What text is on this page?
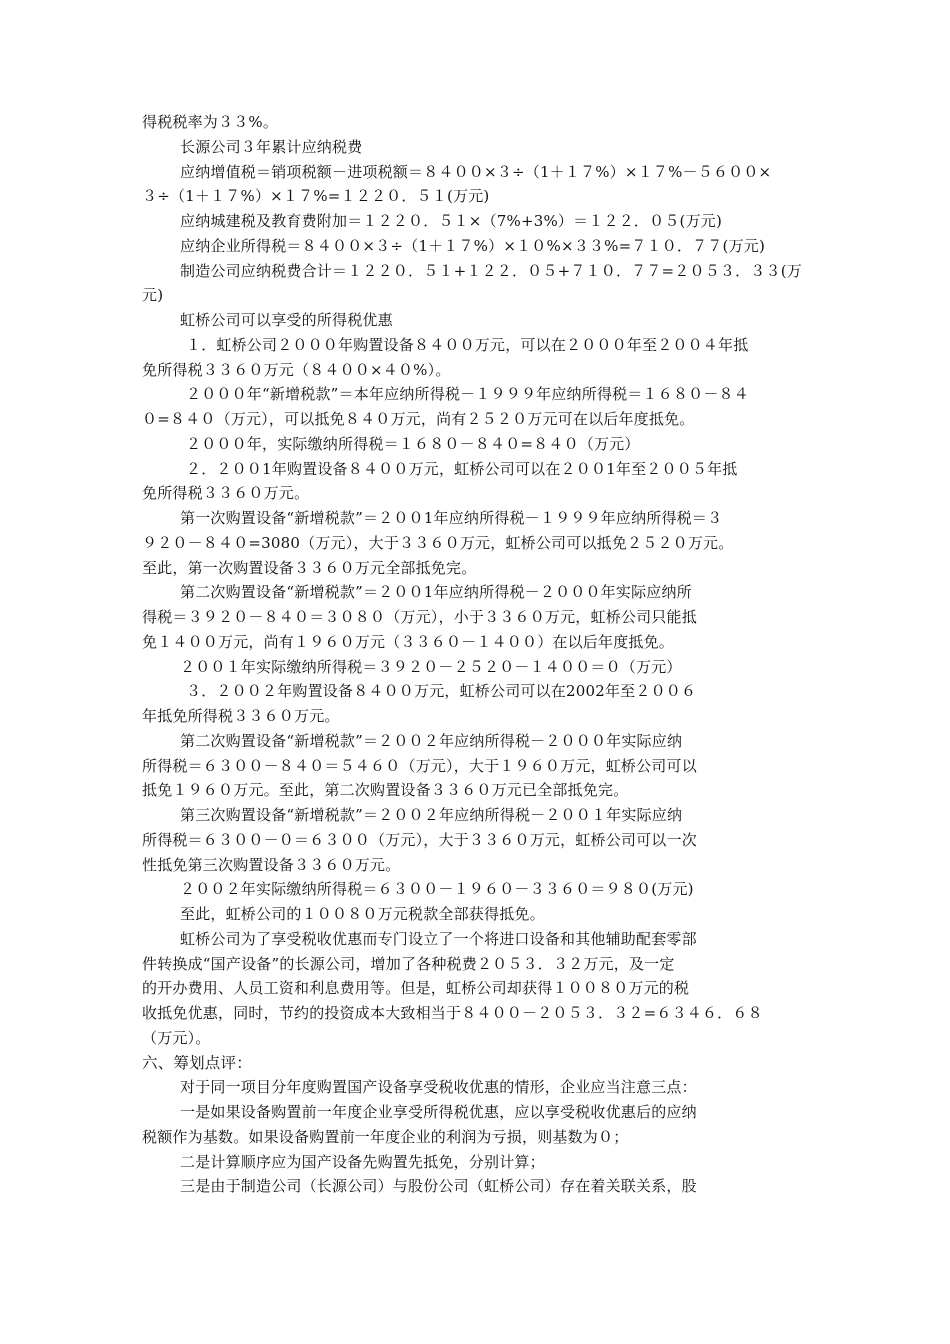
得税税率为３３%。
长源公司３年累计应纳税费
应纳增值税＝销项税额－进项税额＝８４００×３÷（1＋１７%）×１７%－５６００×
３÷（1＋１７%）×１７%=１２２０．５１(万元)
应纳城建税及教育费附加＝１２２０．５１×（7%+3%）＝１２２．０５(万元)
应纳企业所得税＝８４００×３÷（1＋１７%）×１０%×３３%=７１０．７７(万元)
制造公司应纳税费合计＝１２２０．５１+１２２．０５+７１０．７７=２０５３．３３(万
元)
虹桥公司可以享受的所得税优惠
１．虹桥公司２０００年购置设备８４００万元，可以在２０００年至２００４年抵
免所得税３３６０万元（８４００×４０%）。
２０００年“新增税款”＝本年应纳所得税－１９９９年应纳所得税＝１６８０－８４
０=８４０（万元），可以抵免８４０万元，尚有２５２０万元可在以后年度抵免。
２０００年，实际缴纳所得税＝１６８０－８４０=８４０（万元）
２．２００1年购置设备８４００万元，虹桥公司可以在２００1年至２００５年抵
免所得税３３６０万元。
第一次购置设备“新增税款”＝２００1年应纳所得税－１９９９年应纳所得税＝３
９２０－８４０=3080（万元），大于３３６０万元，虹桥公司可以抵免２５２０万元。
至此，第一次购置设备３３６０万元全部抵免完。
第二次购置设备“新增税款”＝２００1年应纳所得税－２０００年实际应纳所
得税＝３９２０－８４０＝３０８０（万元），小于３３６０万元，虹桥公司只能抵
免１４００万元，尚有１９６０万元（３３６０－１４００）在以后年度抵免。
２００１年实际缴纳所得税＝３９２０－２５２０－１４００＝０（万元）
３．２００２年购置设备８４００万元，虹桥公司可以在2002年至２００６
年抵免所得税３３６０万元。
第二次购置设备“新增税款”＝２００２年应纳所得税－２０００年实际应纳
所得税＝６３００－８４０＝５４６０（万元），大于１９６０万元，虹桥公司可以
抵免１９６０万元。至此，第二次购置设备３３６０万元已全部抵免完。
第三次购置设备“新增税款”＝２００２年应纳所得税－２００１年实际应纳
所得税＝６３００－０＝６３００（万元），大于３３６０万元，虹桥公司可以一次
性抵免第三次购置设备３３６０万元。
２００２年实际缴纳所得税＝６３００－１９６０－３３６０＝９８０(万元)
至此，虹桥公司的１００８０万元税款全部获得抵免。
虹桥公司为了享受税收优惠而专门设立了一个将进口设备和其他辅助配套零部
件转换成“国产设备”的长源公司，增加了各种税费２０５３．３２万元，及一定
的开办费用、人员工资和利息费用等。但是，虹桥公司却获得１００８０万元的税
收抵免优惠，同时，节约的投资成本大致相当于８４００－２０５３．３２=６３４６．６８
（万元）。
六、筹划点评：
对于同一项目分年度购置国产设备享受税收优惠的情形，企业应当注意三点：
一是如果设备购置前一年度企业享受所得税优惠，应以享受税收优惠后的应纳
税额作为基数。如果设备购置前一年度企业的利润为亏损，则基数为０；
二是计算顺序应为国产设备先购置先抵免，分别计算；
三是由于制造公司（长源公司）与股份公司（虹桥公司）存在着关联关系，股
